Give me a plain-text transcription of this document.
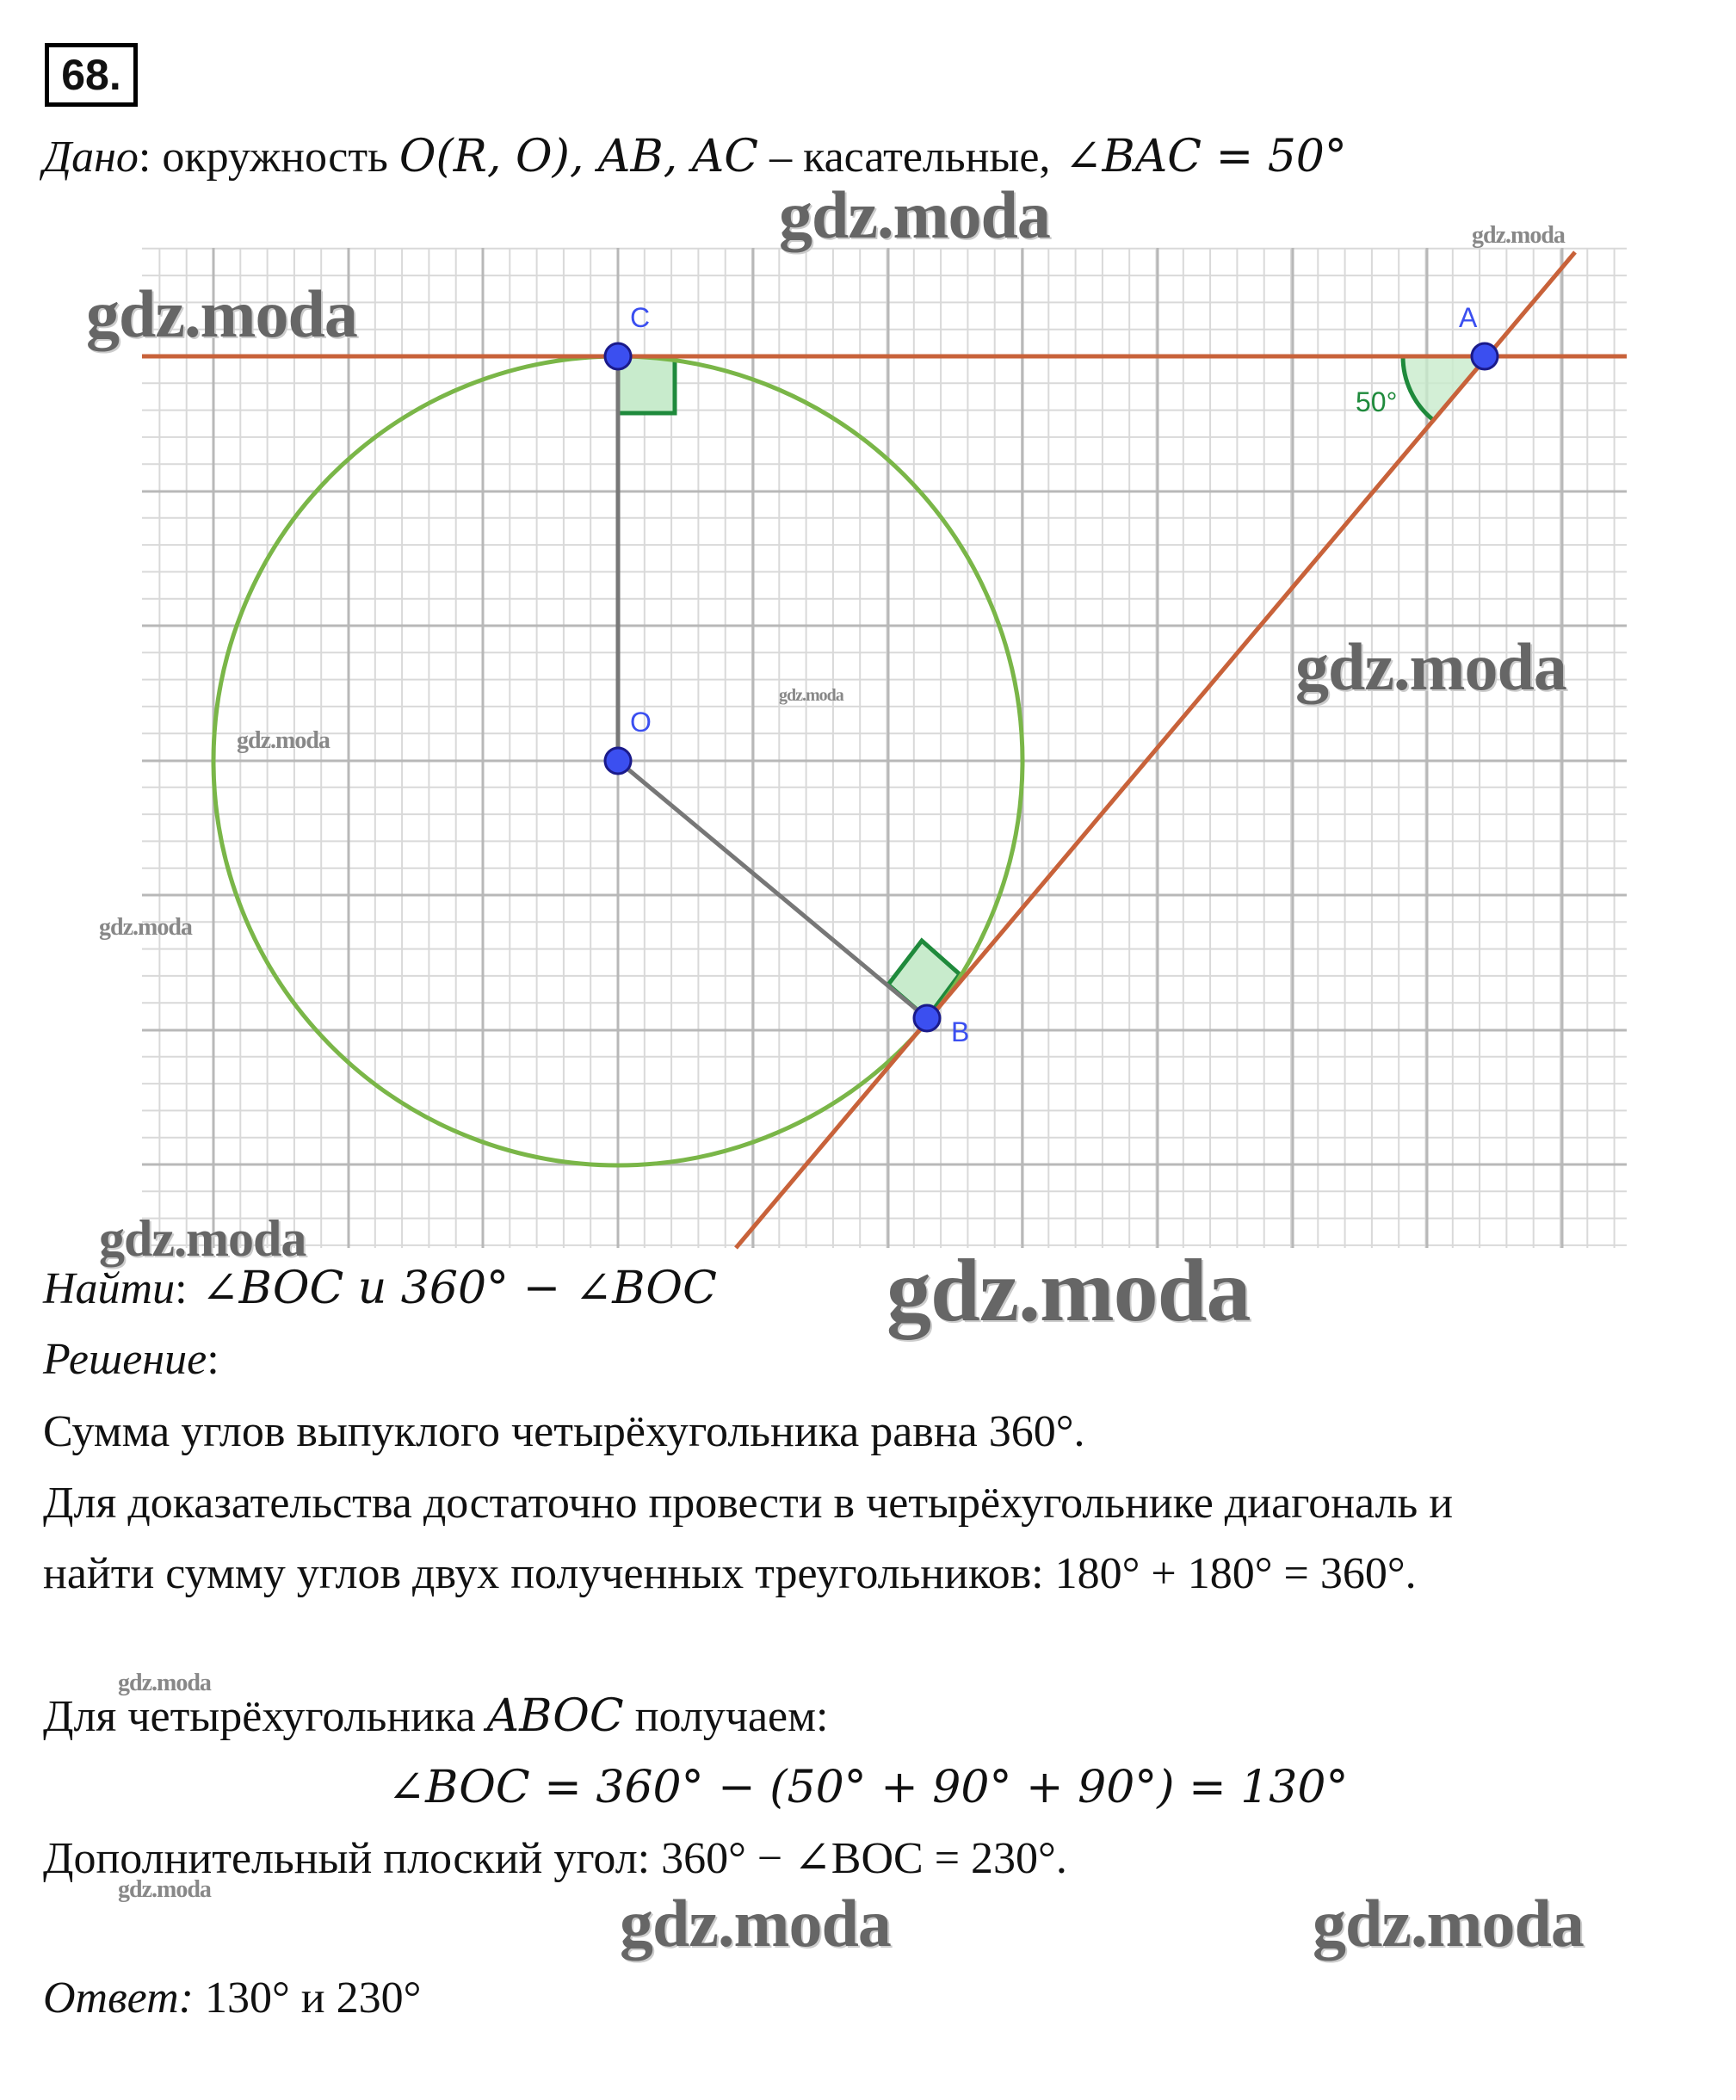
68.
Дано: окружность O(R, O), AB, AC – касательные, ∠BAC = 50°
C	A
O
B
50°
gdz.moda
gdz.moda
gdz.moda
gdz.moda
gdz.moda
gdz.moda
gdz.moda
gdz.moda
gdz.moda
gdz.moda
gdz.moda	gdz.moda	gdz.moda
Найти: ∠BOC и 360° − ∠BOC
Решение:
Сумма углов выпуклого четырёхугольника равна 360°.
Для доказательства достаточно провести в четырёхугольнике диагональ и
найти сумму углов двух полученных треугольников: 180° + 180° = 360°.
Для четырёхугольника ABOC получаем:
∠BOC = 360° − (50° + 90° + 90°) = 130°
Дополнительный плоский угол: 360° − ∠BOC = 230°.
Ответ: 130° и 230°
